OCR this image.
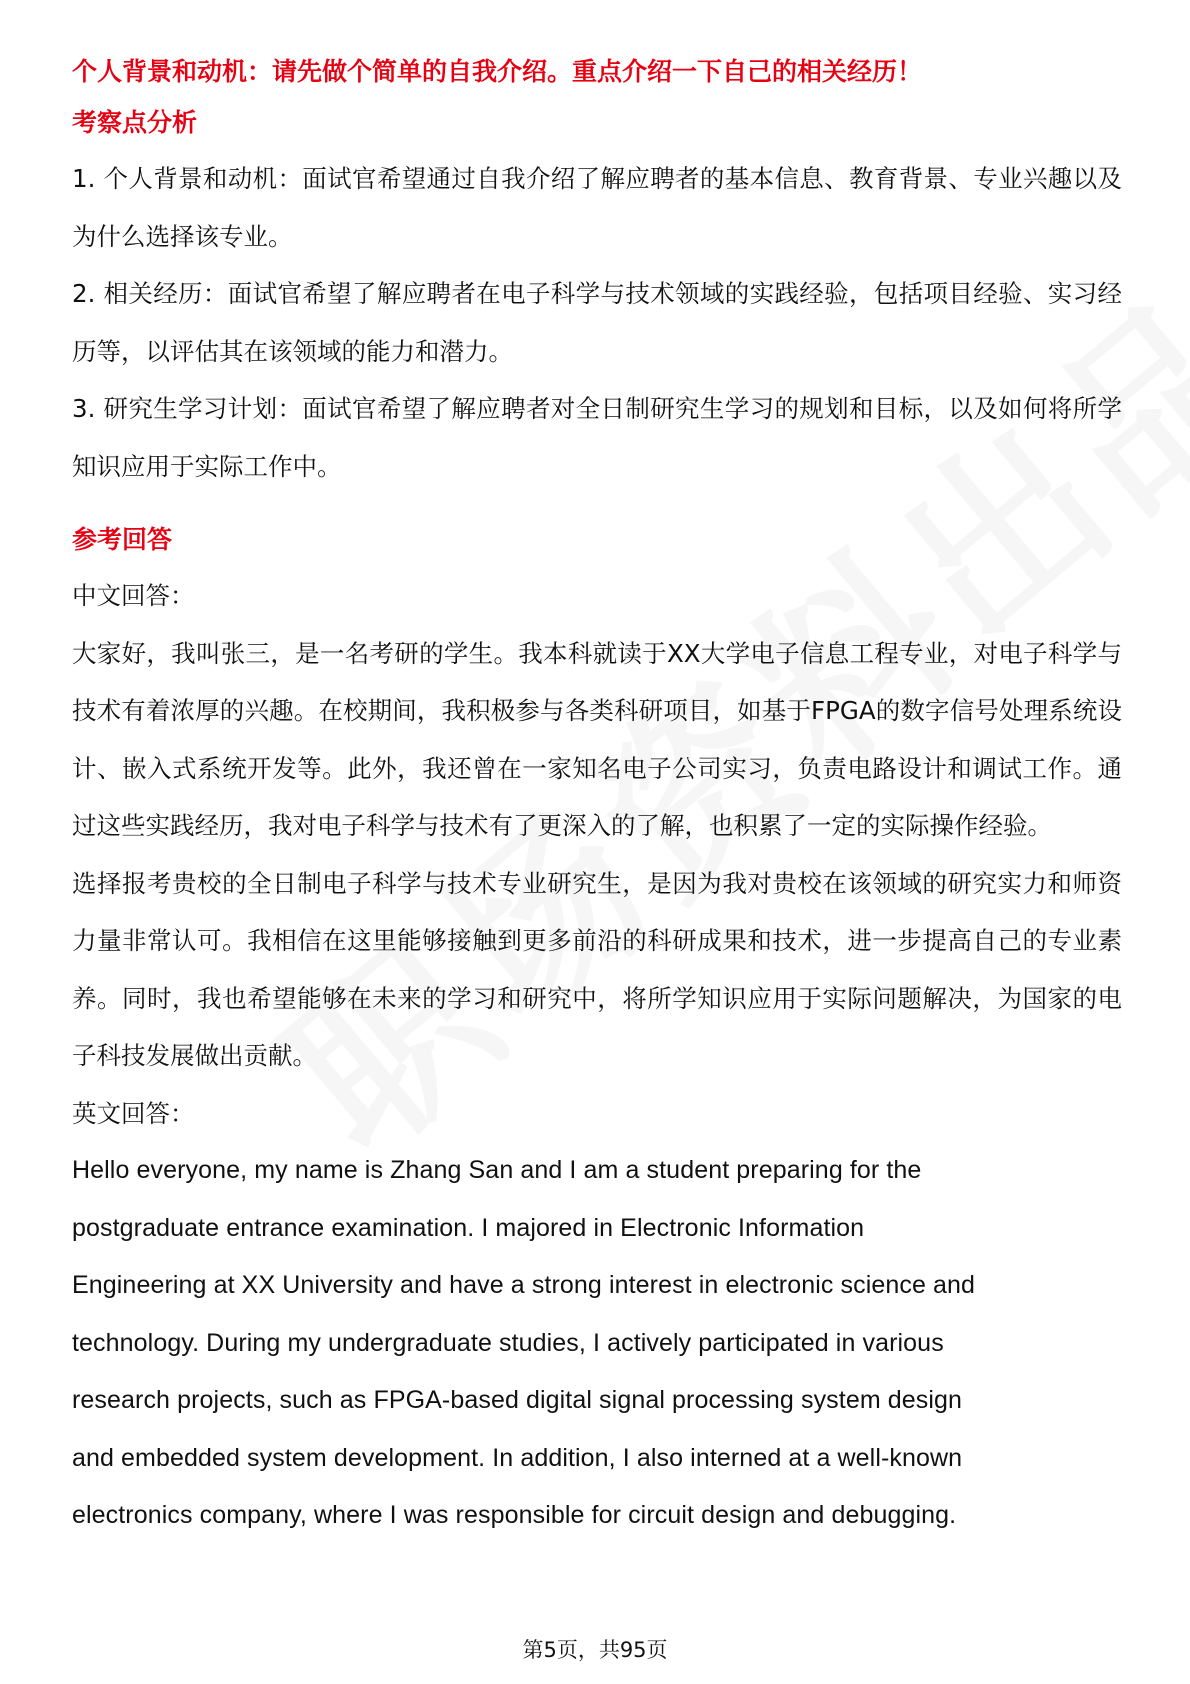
个人背景和动机：请先做个简单的自我介绍。重点介绍一下自己的相关经历！
考察点分析

1. 个人背景和动机：面试官希望通过自我介绍了解应聘者的基本信息、教育背景、专业兴趣以及为什么选择该专业。

2. 相关经历：面试官希望了解应聘者在电子科学与技术领域的实践经验，包括项目经验、实习经历等，以评估其在该领域的能力和潜力。

3. 研究生学习计划：面试官希望了解应聘者对全日制研究生学习的规划和目标，以及如何将所学知识应用于实际工作中。

参考回答

中文回答：

大家好，我叫张三，是一名考研的学生。我本科就读于XX大学电子信息工程专业，对电子科学与技术有着浓厚的兴趣。在校期间，我积极参与各类科研项目，如基于FPGA的数字信号处理系统设计、嵌入式系统开发等。此外，我还曾在一家知名电子公司实习，负责电路设计和调试工作。通过这些实践经历，我对电子科学与技术有了更深入的了解，也积累了一定的实际操作经验。

选择报考贵校的全日制电子科学与技术专业研究生，是因为我对贵校在该领域的研究实力和师资力量非常认可。我相信在这里能够接触到更多前沿的科研成果和技术，进一步提高自己的专业素养。同时，我也希望能够在未来的学习和研究中，将所学知识应用于实际问题解决，为国家的电子科技发展做出贡献。

英文回答：

Hello everyone, my name is Zhang San and I am a student preparing for the

postgraduate entrance examination. I majored in Electronic Information

Engineering at XX University and have a strong interest in electronic science and

technology. During my undergraduate studies, I actively participated in various

research projects, such as FPGA-based digital signal processing system design

and embedded system development. In addition, I also interned at a well-known

electronics company, where I was responsible for circuit design and debugging.

第5页，共95页
